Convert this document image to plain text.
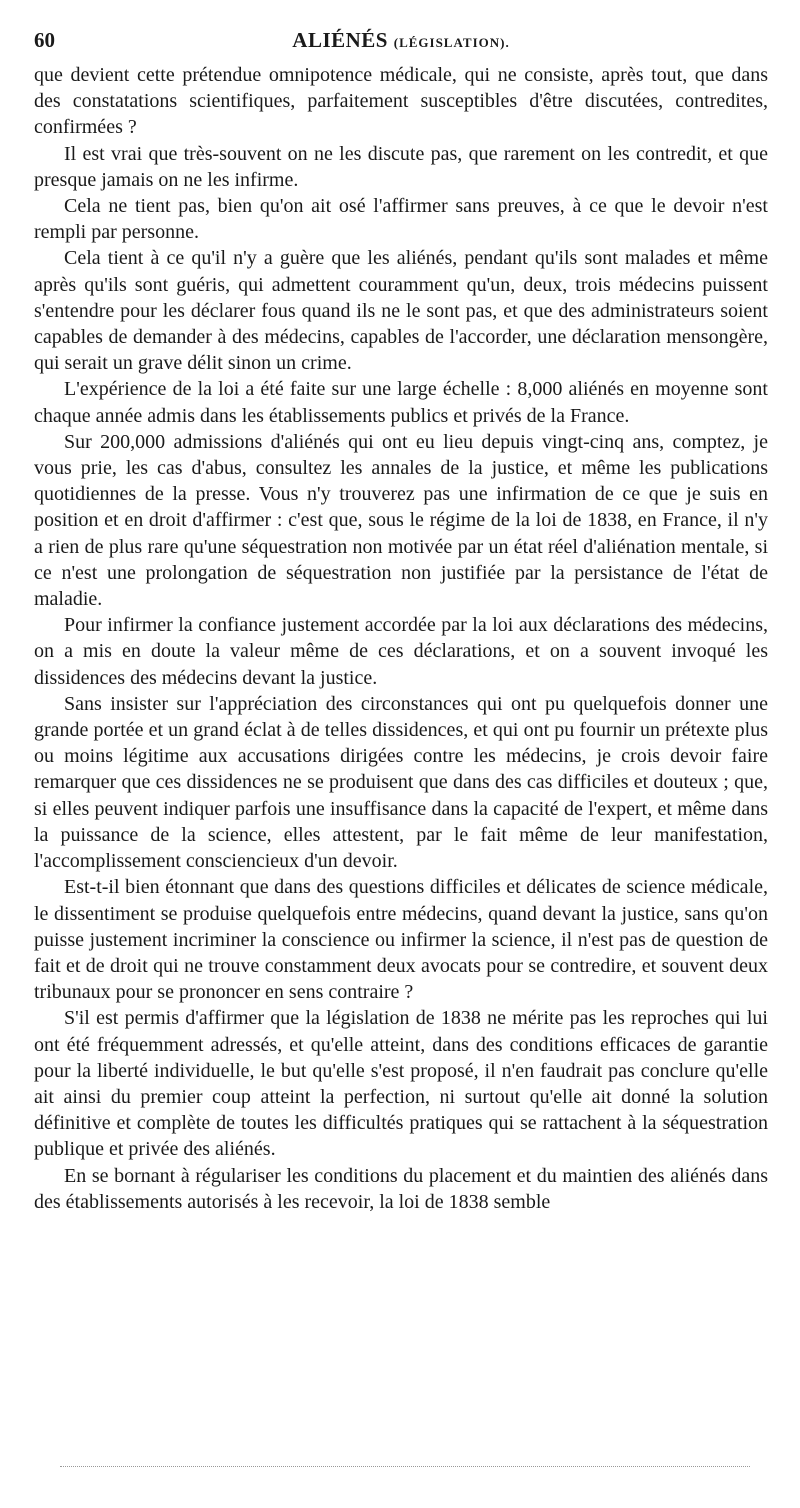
60	ALIÉNÉS (LÉGISLATION).

que devient cette prétendue omnipotence médicale, qui ne consiste, après tout, que dans des constatations scientifiques, parfaitement susceptibles d'être discutées, contredites, confirmées ?

Il est vrai que très-souvent on ne les discute pas, que rarement on les contredit, et que presque jamais on ne les infirme.

Cela ne tient pas, bien qu'on ait osé l'affirmer sans preuves, à ce que le devoir n'est rempli par personne.

Cela tient à ce qu'il n'y a guère que les aliénés, pendant qu'ils sont malades et même après qu'ils sont guéris, qui admettent couramment qu'un, deux, trois médecins puissent s'entendre pour les déclarer fous quand ils ne le sont pas, et que des administrateurs soient capables de demander à des médecins, capables de l'accorder, une déclaration mensongère, qui serait un grave délit sinon un crime.

L'expérience de la loi a été faite sur une large échelle : 8,000 aliénés en moyenne sont chaque année admis dans les établissements publics et privés de la France.

Sur 200,000 admissions d'aliénés qui ont eu lieu depuis vingt-cinq ans, comptez, je vous prie, les cas d'abus, consultez les annales de la justice, et même les publications quotidiennes de la presse. Vous n'y trouverez pas une infirmation de ce que je suis en position et en droit d'affirmer : c'est que, sous le régime de la loi de 1838, en France, il n'y a rien de plus rare qu'une séquestration non motivée par un état réel d'aliénation mentale, si ce n'est une prolongation de séquestration non justifiée par la persistance de l'état de maladie.

Pour infirmer la confiance justement accordée par la loi aux déclarations des médecins, on a mis en doute la valeur même de ces déclarations, et on a souvent invoqué les dissidences des médecins devant la justice.

Sans insister sur l'appréciation des circonstances qui ont pu quelquefois donner une grande portée et un grand éclat à de telles dissidences, et qui ont pu fournir un prétexte plus ou moins légitime aux accusations dirigées contre les médecins, je crois devoir faire remarquer que ces dissidences ne se produisent que dans des cas difficiles et douteux ; que, si elles peuvent indiquer parfois une insuffisance dans la capacité de l'expert, et même dans la puissance de la science, elles attestent, par le fait même de leur manifestation, l'accomplissement consciencieux d'un devoir.

Est-t-il bien étonnant que dans des questions difficiles et délicates de science médicale, le dissentiment se produise quelquefois entre médecins, quand devant la justice, sans qu'on puisse justement incriminer la conscience ou infirmer la science, il n'est pas de question de fait et de droit qui ne trouve constamment deux avocats pour se contredire, et souvent deux tribunaux pour se prononcer en sens contraire ?

S'il est permis d'affirmer que la législation de 1838 ne mérite pas les reproches qui lui ont été fréquemment adressés, et qu'elle atteint, dans des conditions efficaces de garantie pour la liberté individuelle, le but qu'elle s'est proposé, il n'en faudrait pas conclure qu'elle ait ainsi du premier coup atteint la perfection, ni surtout qu'elle ait donné la solution définitive et complète de toutes les difficultés pratiques qui se rattachent à la séquestration publique et privée des aliénés.

En se bornant à régulariser les conditions du placement et du maintien des aliénés dans des établissements autorisés à les recevoir, la loi de 1838 semble
